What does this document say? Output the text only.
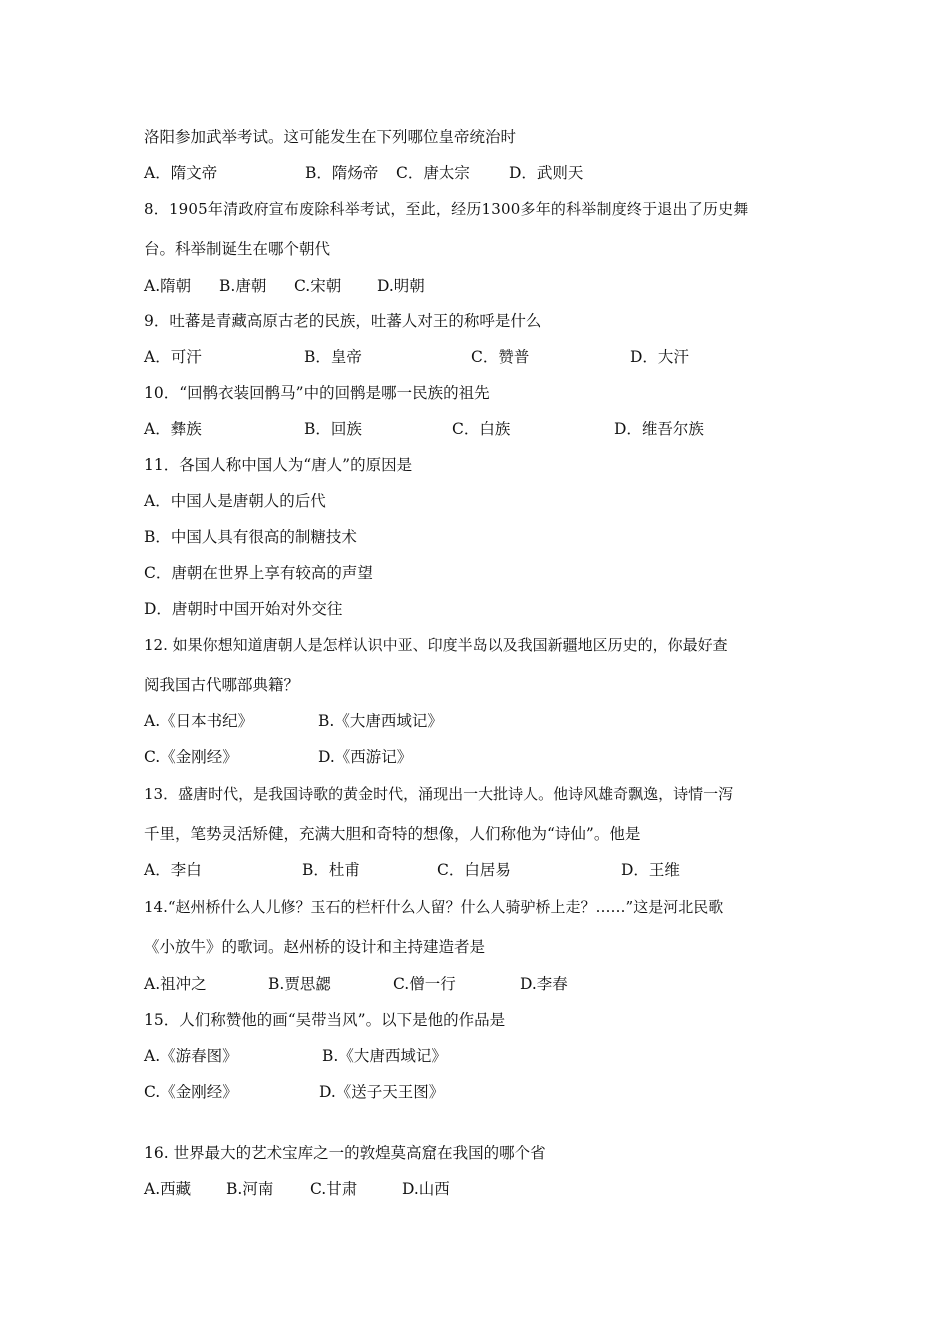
洛阳参加武举考试。这可能发生在下列哪位皇帝统治时
A．隋文帝	B．隋炀帝 C．唐太宗	D．武则天
8．1905年清政府宣布废除科举考试，至此，经历1300多年的科举制度终于退出了历史舞
台。科举制诞生在哪个朝代
A.隋朝 B.唐朝 C.宋朝 D.明朝
9．吐蕃是青藏高原古老的民族，吐蕃人对王的称呼是什么
A．可汗	B．皇帝	C．赞普	D．大汗
10．“回鹘衣装回鹘马”中的回鹘是哪一民族的祖先
A．彝族	B．回族	C．白族	D．维吾尔族
11．各国人称中国人为“唐人”的原因是
A．中国人是唐朝人的后代
B．中国人具有很高的制糖技术
C．唐朝在世界上享有较高的声望
D．唐朝时中国开始对外交往
12. 如果你想知道唐朝人是怎样认识中亚、印度半岛以及我国新疆地区历史的，你最好查
阅我国古代哪部典籍？
A.《日本书纪》	B.《大唐西域记》
C.《金刚经》	D.《西游记》
13．盛唐时代，是我国诗歌的黄金时代，涌现出一大批诗人。他诗风雄奇飘逸，诗情一泻
千里，笔势灵活矫健，充满大胆和奇特的想像，人们称他为“诗仙”。他是
A．李白	B．杜甫	C．白居易	D．王维
14.“赵州桥什么人儿修？玉石的栏杆什么人留？什么人骑驴桥上走？……”这是河北民歌
《小放牛》的歌词。赵州桥的设计和主持建造者是
A.祖冲之	B.贾思勰	C.僧一行	D.李春
15．人们称赞他的画“吴带当风”。以下是他的作品是
A.《游春图》	B.《大唐西域记》
C.《金刚经》	D.《送子天王图》
16. 世界最大的艺术宝库之一的敦煌莫高窟在我国的哪个省
A.西藏 B.河南 C.甘肃	D.山西
